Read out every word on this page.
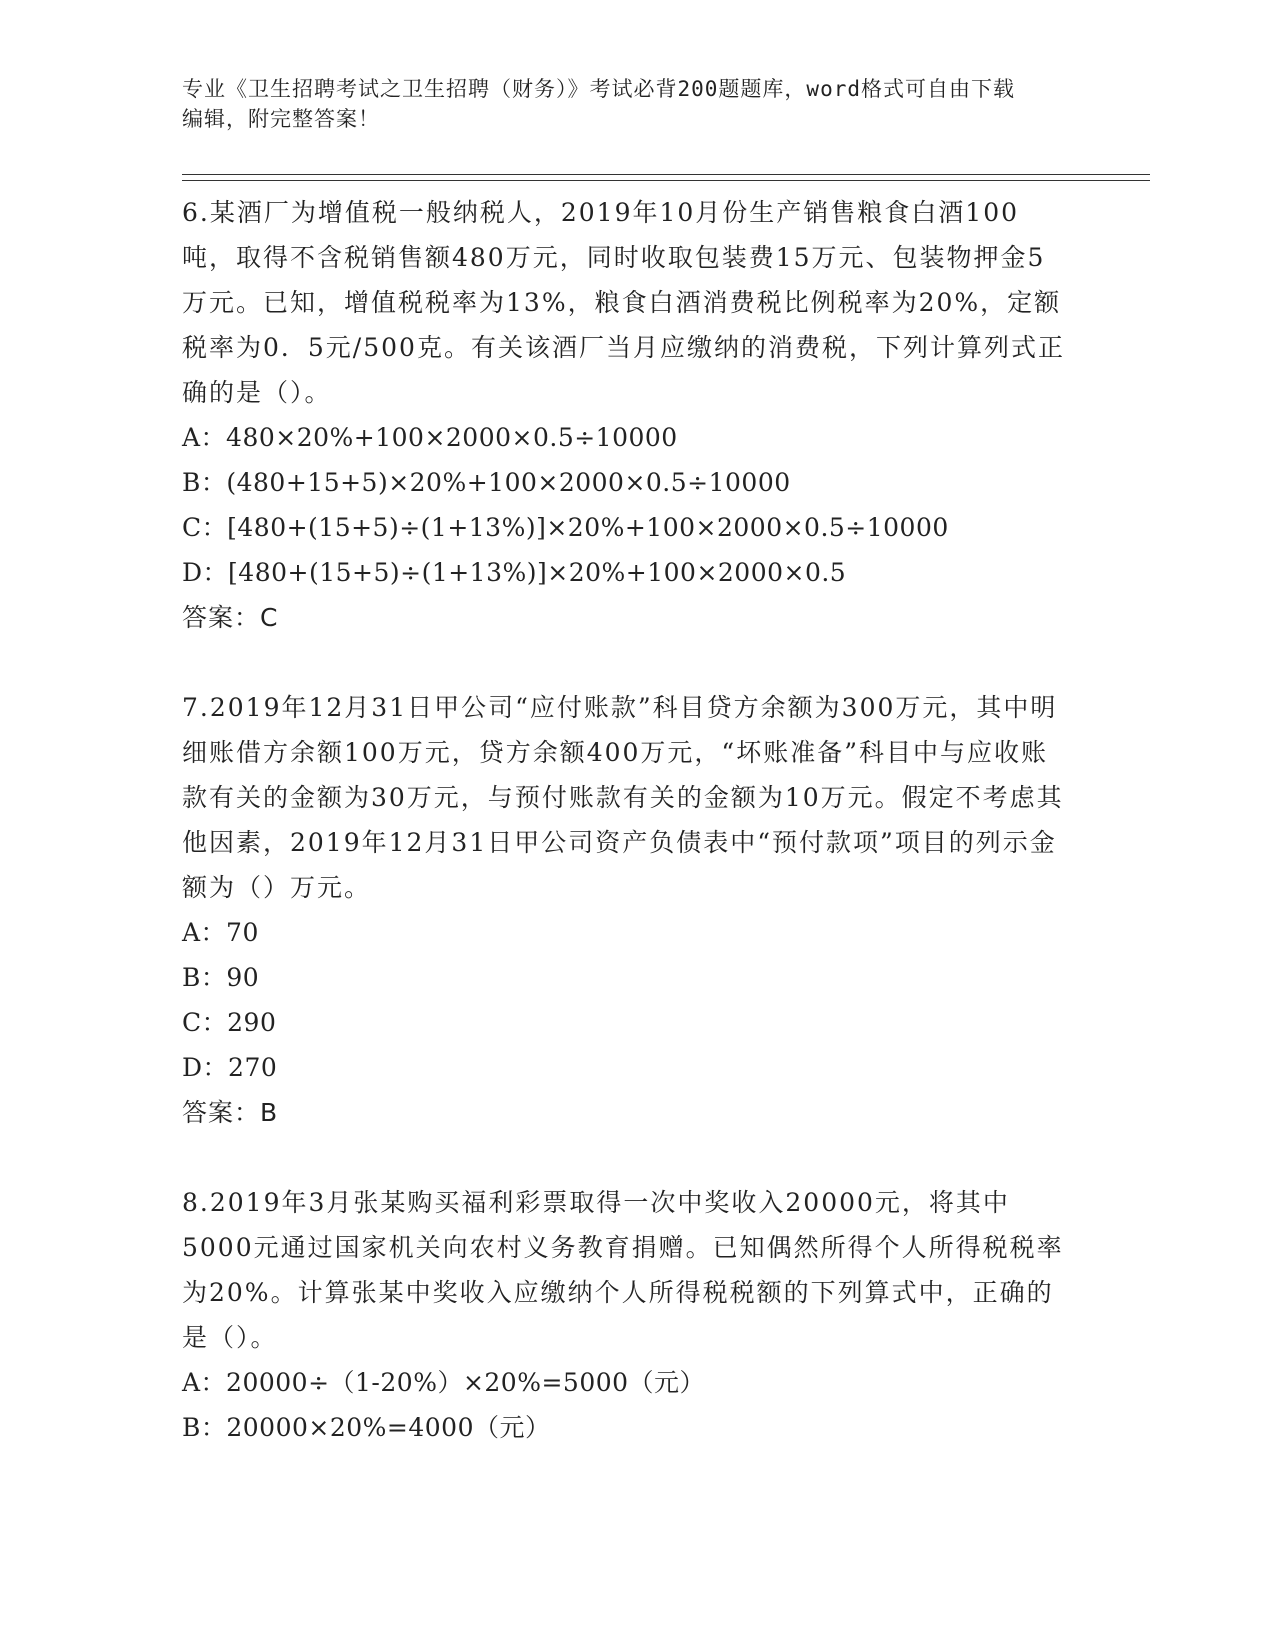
专业《卫生招聘考试之卫生招聘（财务）》考试必背200题题库，word格式可自由下载编辑，附完整答案！

6.某酒厂为增值税一般纳税人，2019年10月份生产销售粮食白酒100吨，取得不含税销售额480万元，同时收取包装费15万元、包装物押金5万元。已知，增值税税率为13%，粮食白酒消费税比例税率为20%，定额税率为0．5元/500克。有关该酒厂当月应缴纳的消费税，下列计算列式正确的是（）。

A：480×20%+100×2000×0.5÷10000

B：(480+15+5)×20%+100×2000×0.5÷10000

C：[480+(15+5)÷(1+13%)]×20%+100×2000×0.5÷10000

D：[480+(15+5)÷(1+13%)]×20%+100×2000×0.5

答案：C

7.2019年12月31日甲公司“应付账款”科目贷方余额为300万元，其中明细账借方余额100万元，贷方余额400万元，“坏账准备”科目中与应收账款有关的金额为30万元，与预付账款有关的金额为10万元。假定不考虑其他因素，2019年12月31日甲公司资产负债表中“预付款项”项目的列示金额为（）万元。

A：70

B：90

C：290

D：270

答案：B

8.2019年3月张某购买福利彩票取得一次中奖收入20000元，将其中5000元通过国家机关向农村义务教育捐赠。已知偶然所得个人所得税税率为20%。计算张某中奖收入应缴纳个人所得税税额的下列算式中，正确的是（）。

A：20000÷（1-20%）×20%=5000（元）

B：20000×20%=4000（元）
